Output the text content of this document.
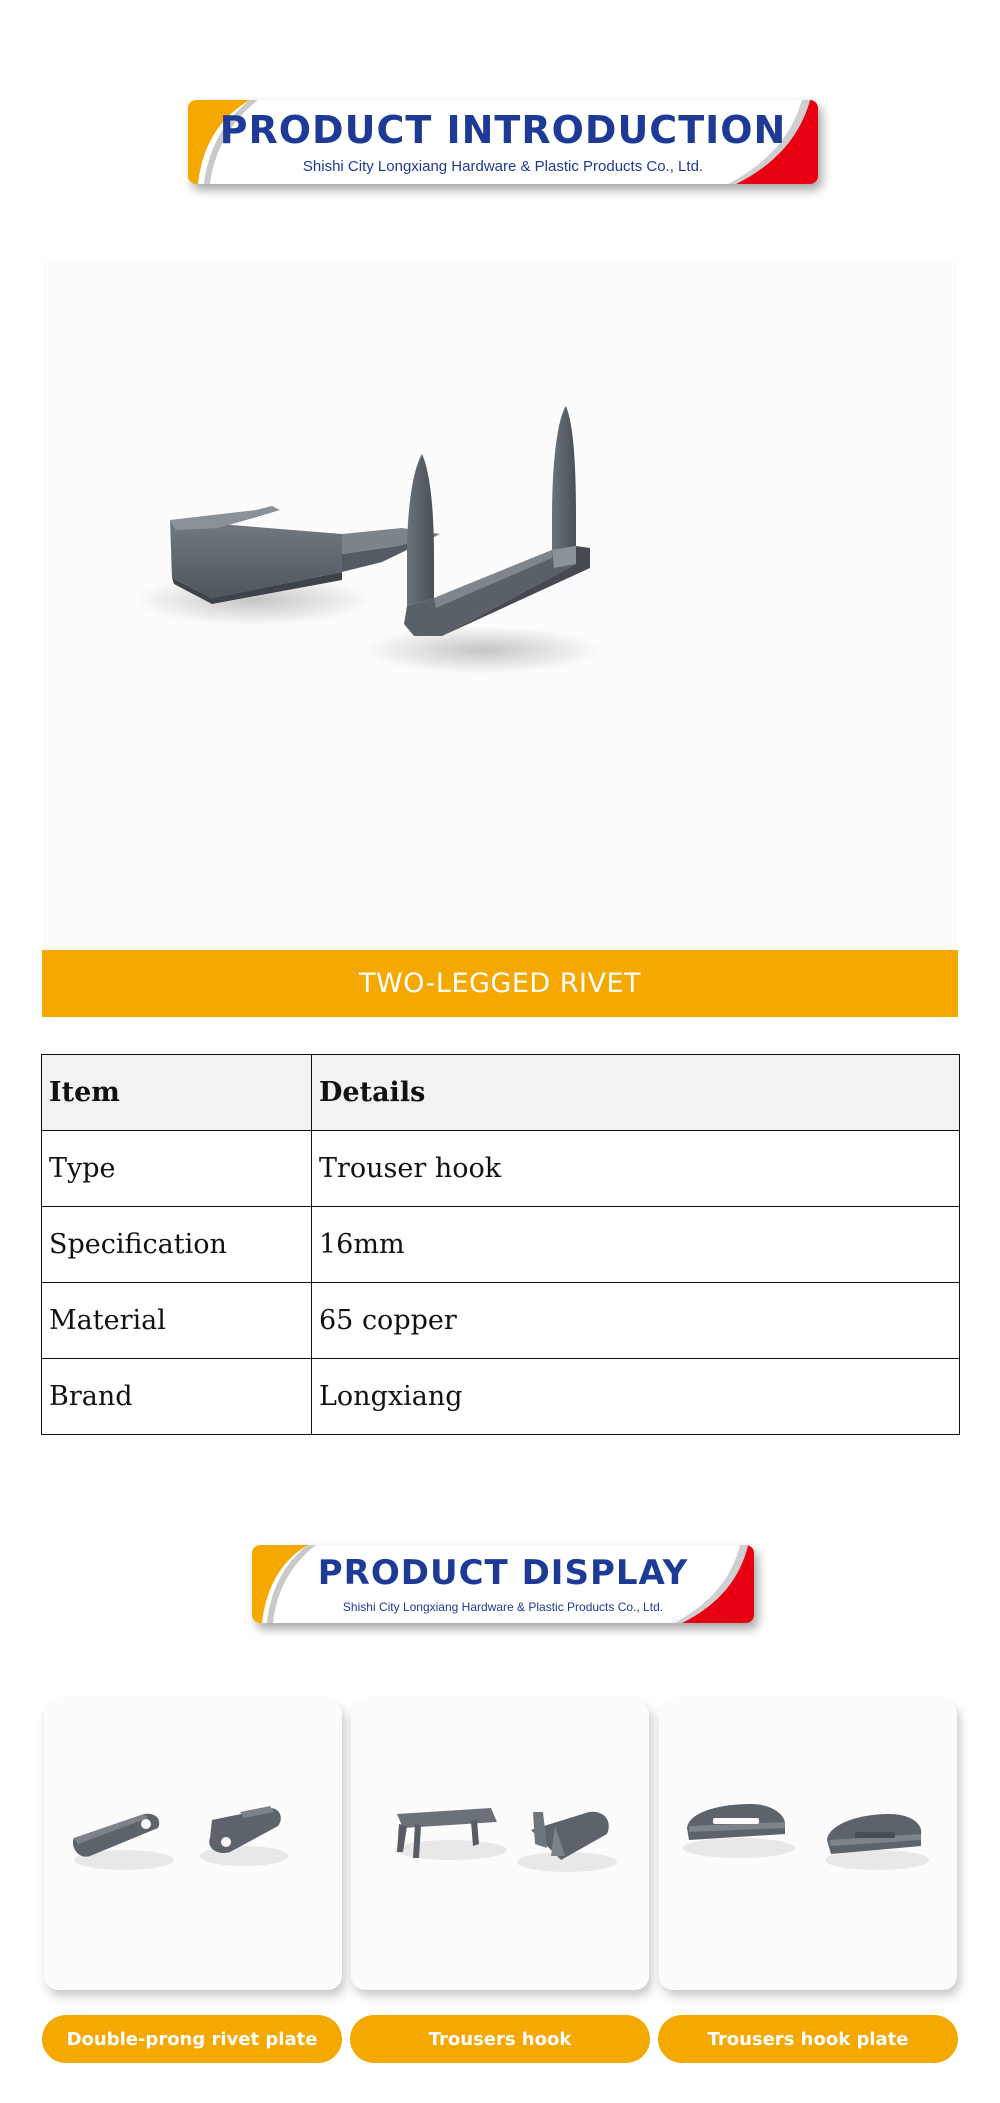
PRODUCT INTRODUCTION
Shishi City Longxiang Hardware & Plastic Products Co., Ltd.
TWO-LEGGED RIVET
Item	Details
Type	Trouser hook
Specification	16mm
Material	65 copper
Brand	Longxiang
PRODUCT DISPLAY
Shishi City Longxiang Hardware & Plastic Products Co., Ltd.
Double-prong rivet plate	Trousers hook	Trousers hook plate
